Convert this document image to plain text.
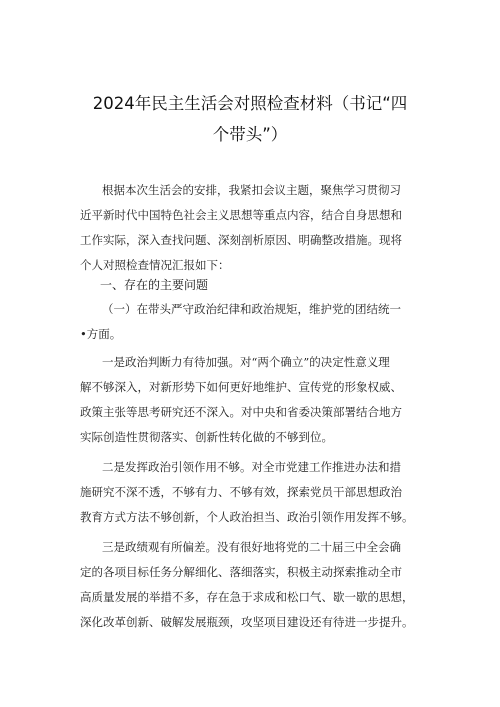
2024年民主生活会对照检查材料（书记“四
个带头”）
根据本次生活会的安排，我紧扣会议主题，聚焦学习贯彻习
近平新时代中国特色社会主义思想等重点内容，结合自身思想和
工作实际，深入查找问题、深刻剖析原因、明确整改措施。现将
个人对照检查情况汇报如下：
一、存在的主要问题
（一）在带头严守政治纪律和政治规矩，维护党的团结统一
•方面。
一是政治判断力有待加强。对“两个确立”的决定性意义理
解不够深入，对新形势下如何更好地维护、宣传党的形象权威、
政策主张等思考研究还不深入。对中央和省委决策部署结合地方
实际创造性贯彻落实、创新性转化做的不够到位。
二是发挥政治引领作用不够。对全市党建工作推进办法和措
施研究不深不透，不够有力、不够有效，探索党员干部思想政治
教育方式方法不够创新，个人政治担当、政治引领作用发挥不够。
三是政绩观有所偏差。没有很好地将党的二十届三中全会确
定的各项目标任务分解细化、落细落实，积极主动探索推动全市
高质量发展的举措不多，存在急于求成和松口气、歇一歇的思想，
深化改革创新、破解发展瓶颈，攻坚项目建设还有待进一步提升。
